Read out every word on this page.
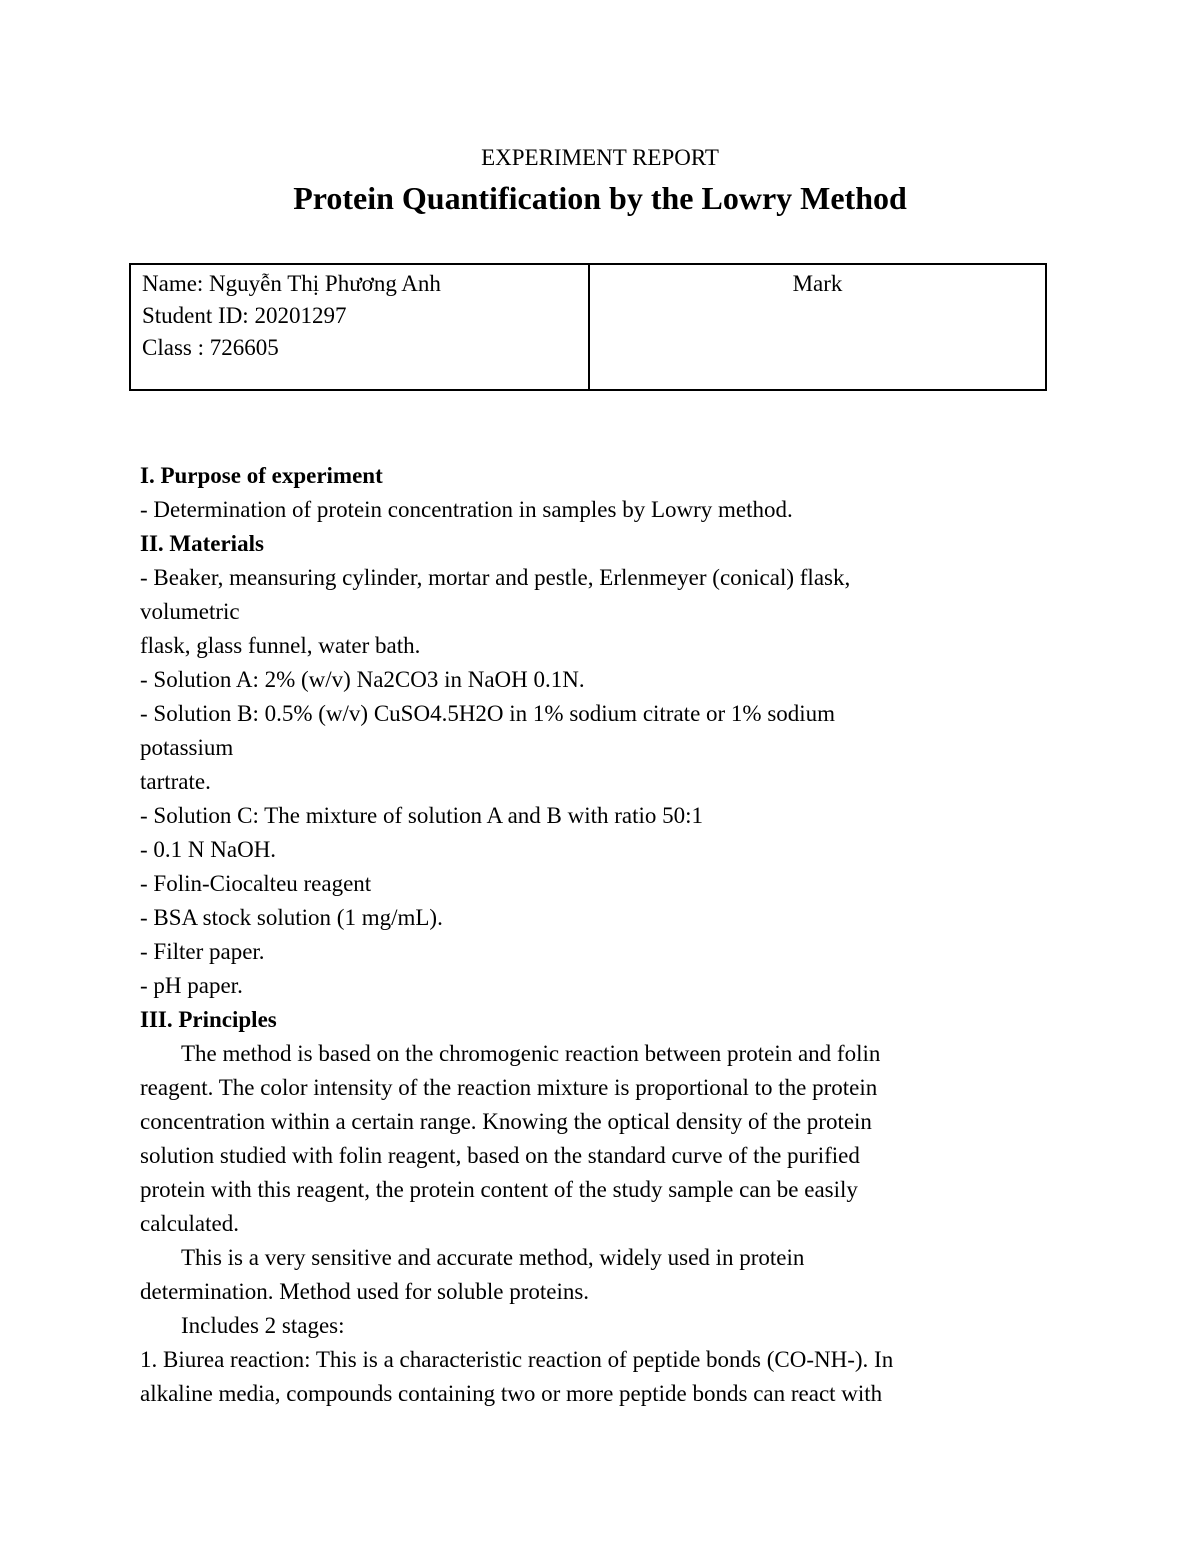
EXPERIMENT REPORT
Protein Quantification by the Lowry Method
Name: Nguyễn Thị Phương Anh
Student ID: 20201297
Class : 726605
Mark
I. Purpose of experiment
- Determination of protein concentration in samples by Lowry method.
II. Materials
- Beaker, meansuring cylinder, mortar and pestle, Erlenmeyer (conical) flask,
volumetric
flask, glass funnel, water bath.
- Solution A: 2% (w/v) Na2CO3 in NaOH 0.1N.
- Solution B: 0.5% (w/v) CuSO4.5H2O in 1% sodium citrate or 1% sodium
potassium
tartrate.
- Solution C: The mixture of solution A and B with ratio 50:1
- 0.1 N NaOH.
- Folin-Ciocalteu reagent
- BSA stock solution (1 mg/mL).
- Filter paper.
- pH paper.
III. Principles
The method is based on the chromogenic reaction between protein and folin
reagent. The color intensity of the reaction mixture is proportional to the protein
concentration within a certain range. Knowing the optical density of the protein
solution studied with folin reagent, based on the standard curve of the purified
protein with this reagent, the protein content of the study sample can be easily
calculated.
This is a very sensitive and accurate method, widely used in protein
determination. Method used for soluble proteins.
Includes 2 stages:
1. Biurea reaction: This is a characteristic reaction of peptide bonds (CO-NH-). In
alkaline media, compounds containing two or more peptide bonds can react with
